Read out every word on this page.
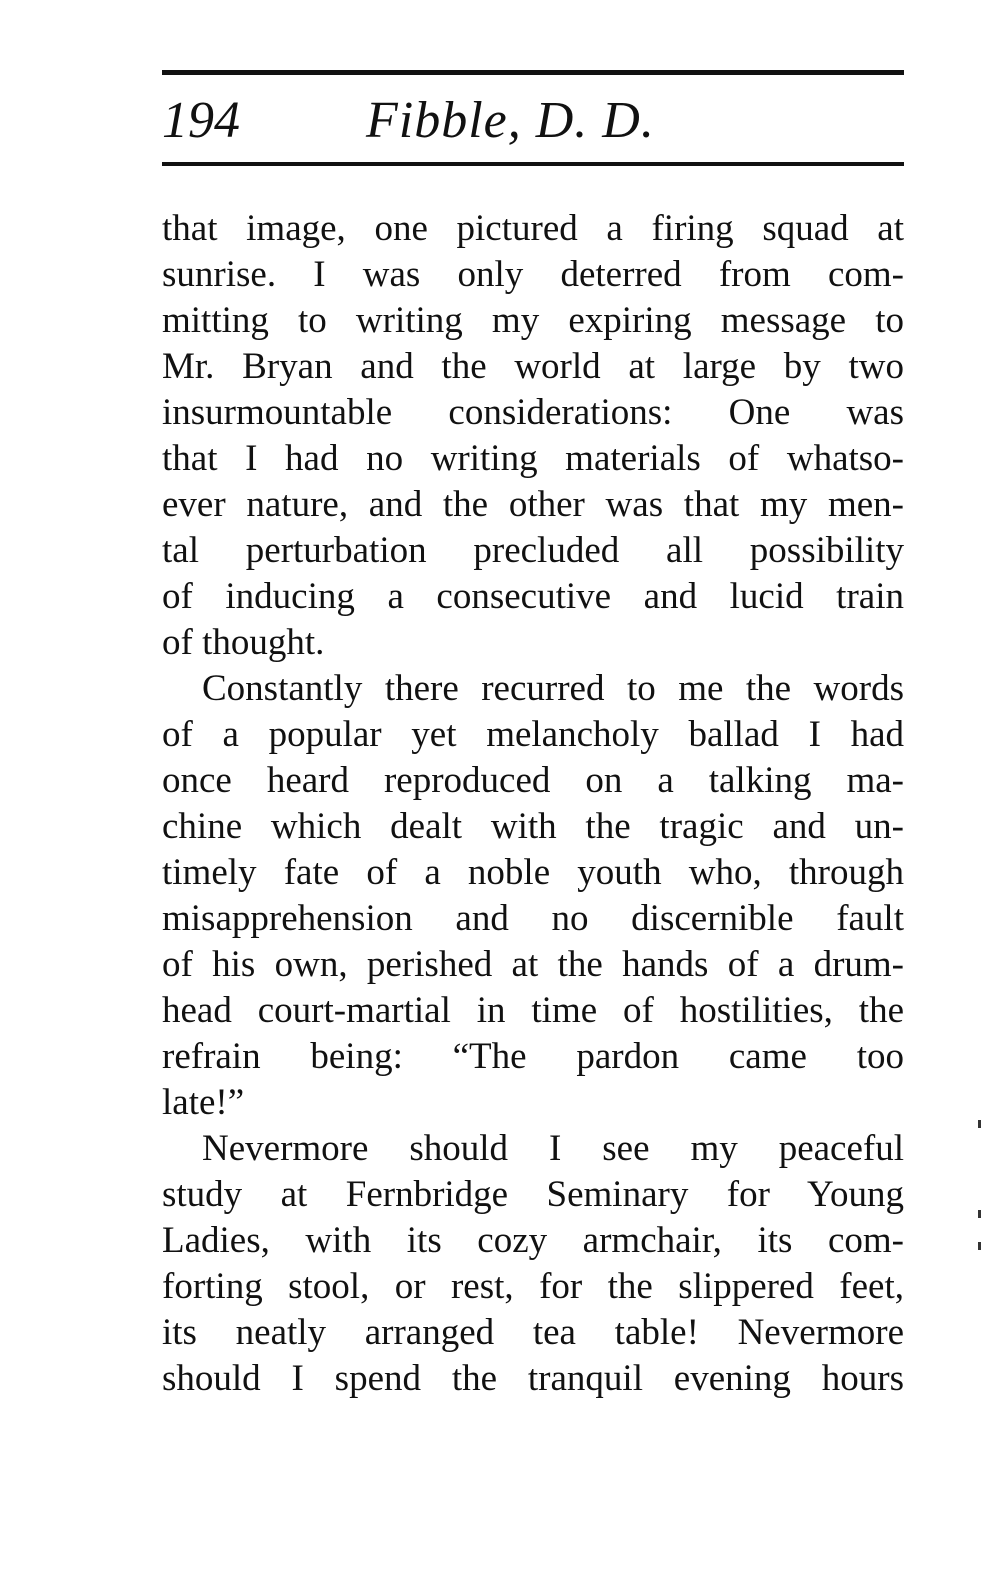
194 Fibble, D. D.
that image, one pictured a firing squad at
sunrise. I was only deterred from com-
mitting to writing my expiring message to
Mr. Bryan and the world at large by two
insurmountable considerations: One was
that I had no writing materials of whatso-
ever nature, and the other was that my men-
tal perturbation precluded all possibility
of inducing a consecutive and lucid train
of thought.
Constantly there recurred to me the words
of a popular yet melancholy ballad I had
once heard reproduced on a talking ma-
chine which dealt with the tragic and un-
timely fate of a noble youth who, through
misapprehension and no discernible fault
of his own, perished at the hands of a drum-
head court-martial in time of hostilities, the
refrain being: “The pardon came too
late!”
Nevermore should I see my peaceful
study at Fernbridge Seminary for Young
Ladies, with its cozy armchair, its com-
forting stool, or rest, for the slippered feet,
its neatly arranged tea table! Nevermore
should I spend the tranquil evening hours
